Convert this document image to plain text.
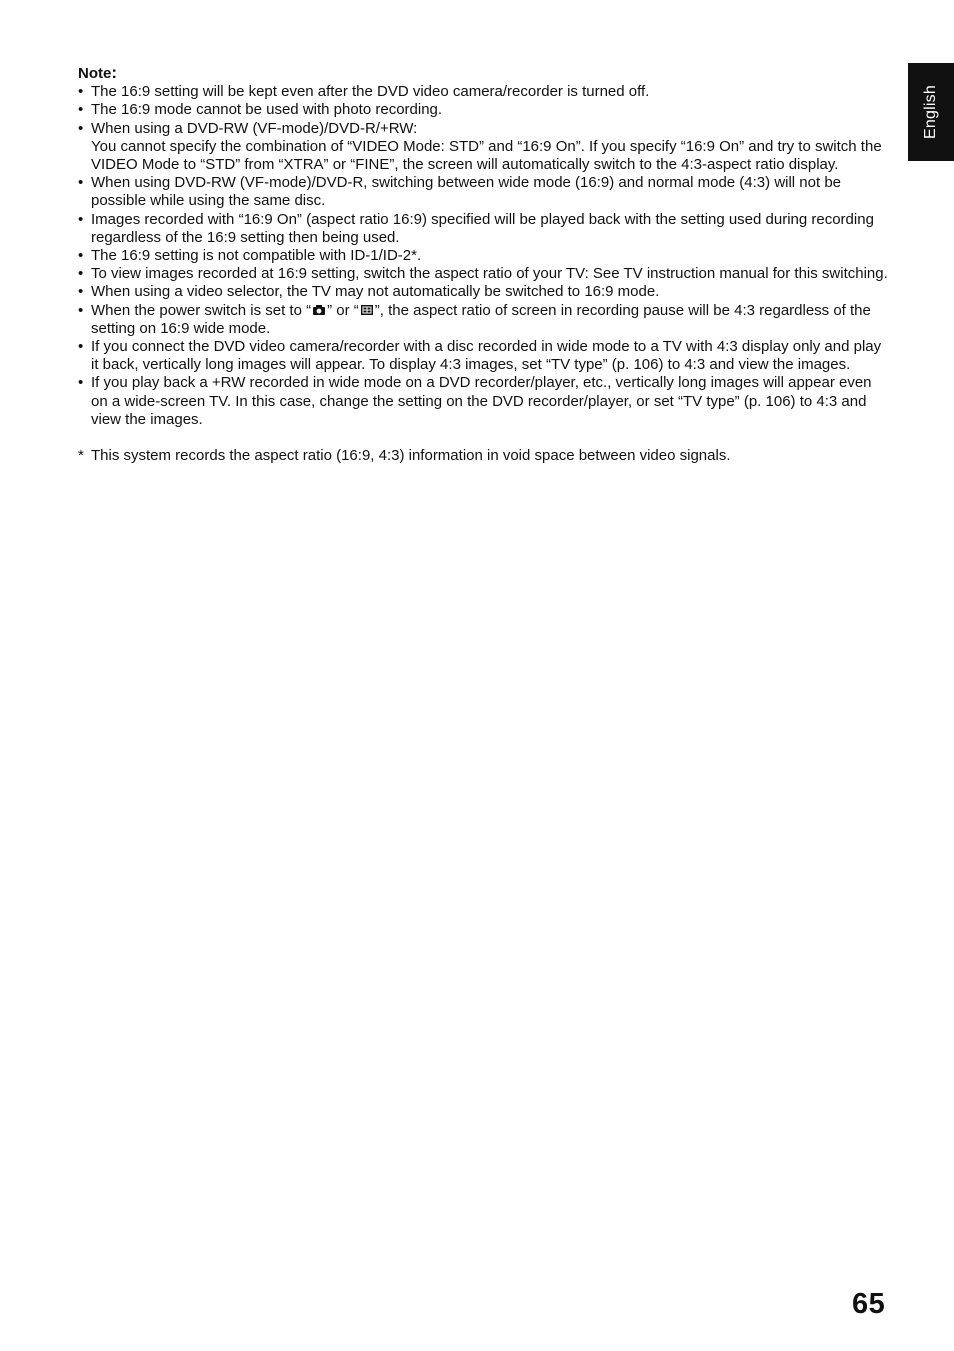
English
Note:
• The 16:9 setting will be kept even after the DVD video camera/recorder is turned off.
• The 16:9 mode cannot be used with photo recording.
• When using a DVD-RW (VF-mode)/DVD-R/+RW:
You cannot specify the combination of “VIDEO Mode: STD” and “16:9 On”. If you specify “16:9 On” and try to switch the VIDEO Mode to “STD” from “XTRA” or “FINE”, the screen will automatically switch to the 4:3-aspect ratio display.
• When using DVD-RW (VF-mode)/DVD-R, switching between wide mode (16:9) and normal mode (4:3) will not be possible while using the same disc.
• Images recorded with “16:9 On” (aspect ratio 16:9) specified will be played back with the setting used during recording regardless of the 16:9 setting then being used.
• The 16:9 setting is not compatible with ID-1/ID-2*.
• To view images recorded at 16:9 setting, switch the aspect ratio of your TV: See TV instruction manual for this switching.
• When using a video selector, the TV may not automatically be switched to 16:9 mode.
• When the power switch is set to “ ” or “ ”, the aspect ratio of screen in recording pause will be 4:3 regardless of the setting on 16:9 wide mode.
• If you connect the DVD video camera/recorder with a disc recorded in wide mode to a TV with 4:3 display only and play it back, vertically long images will appear. To display 4:3 images, set “TV type” (p. 106) to 4:3 and view the images.
• If you play back a +RW recorded in wide mode on a DVD recorder/player, etc., vertically long images will appear even on a wide-screen TV. In this case, change the setting on the DVD recorder/player, or set “TV type” (p. 106) to 4:3 and view the images.
* This system records the aspect ratio (16:9, 4:3) information in void space between video signals.
65
